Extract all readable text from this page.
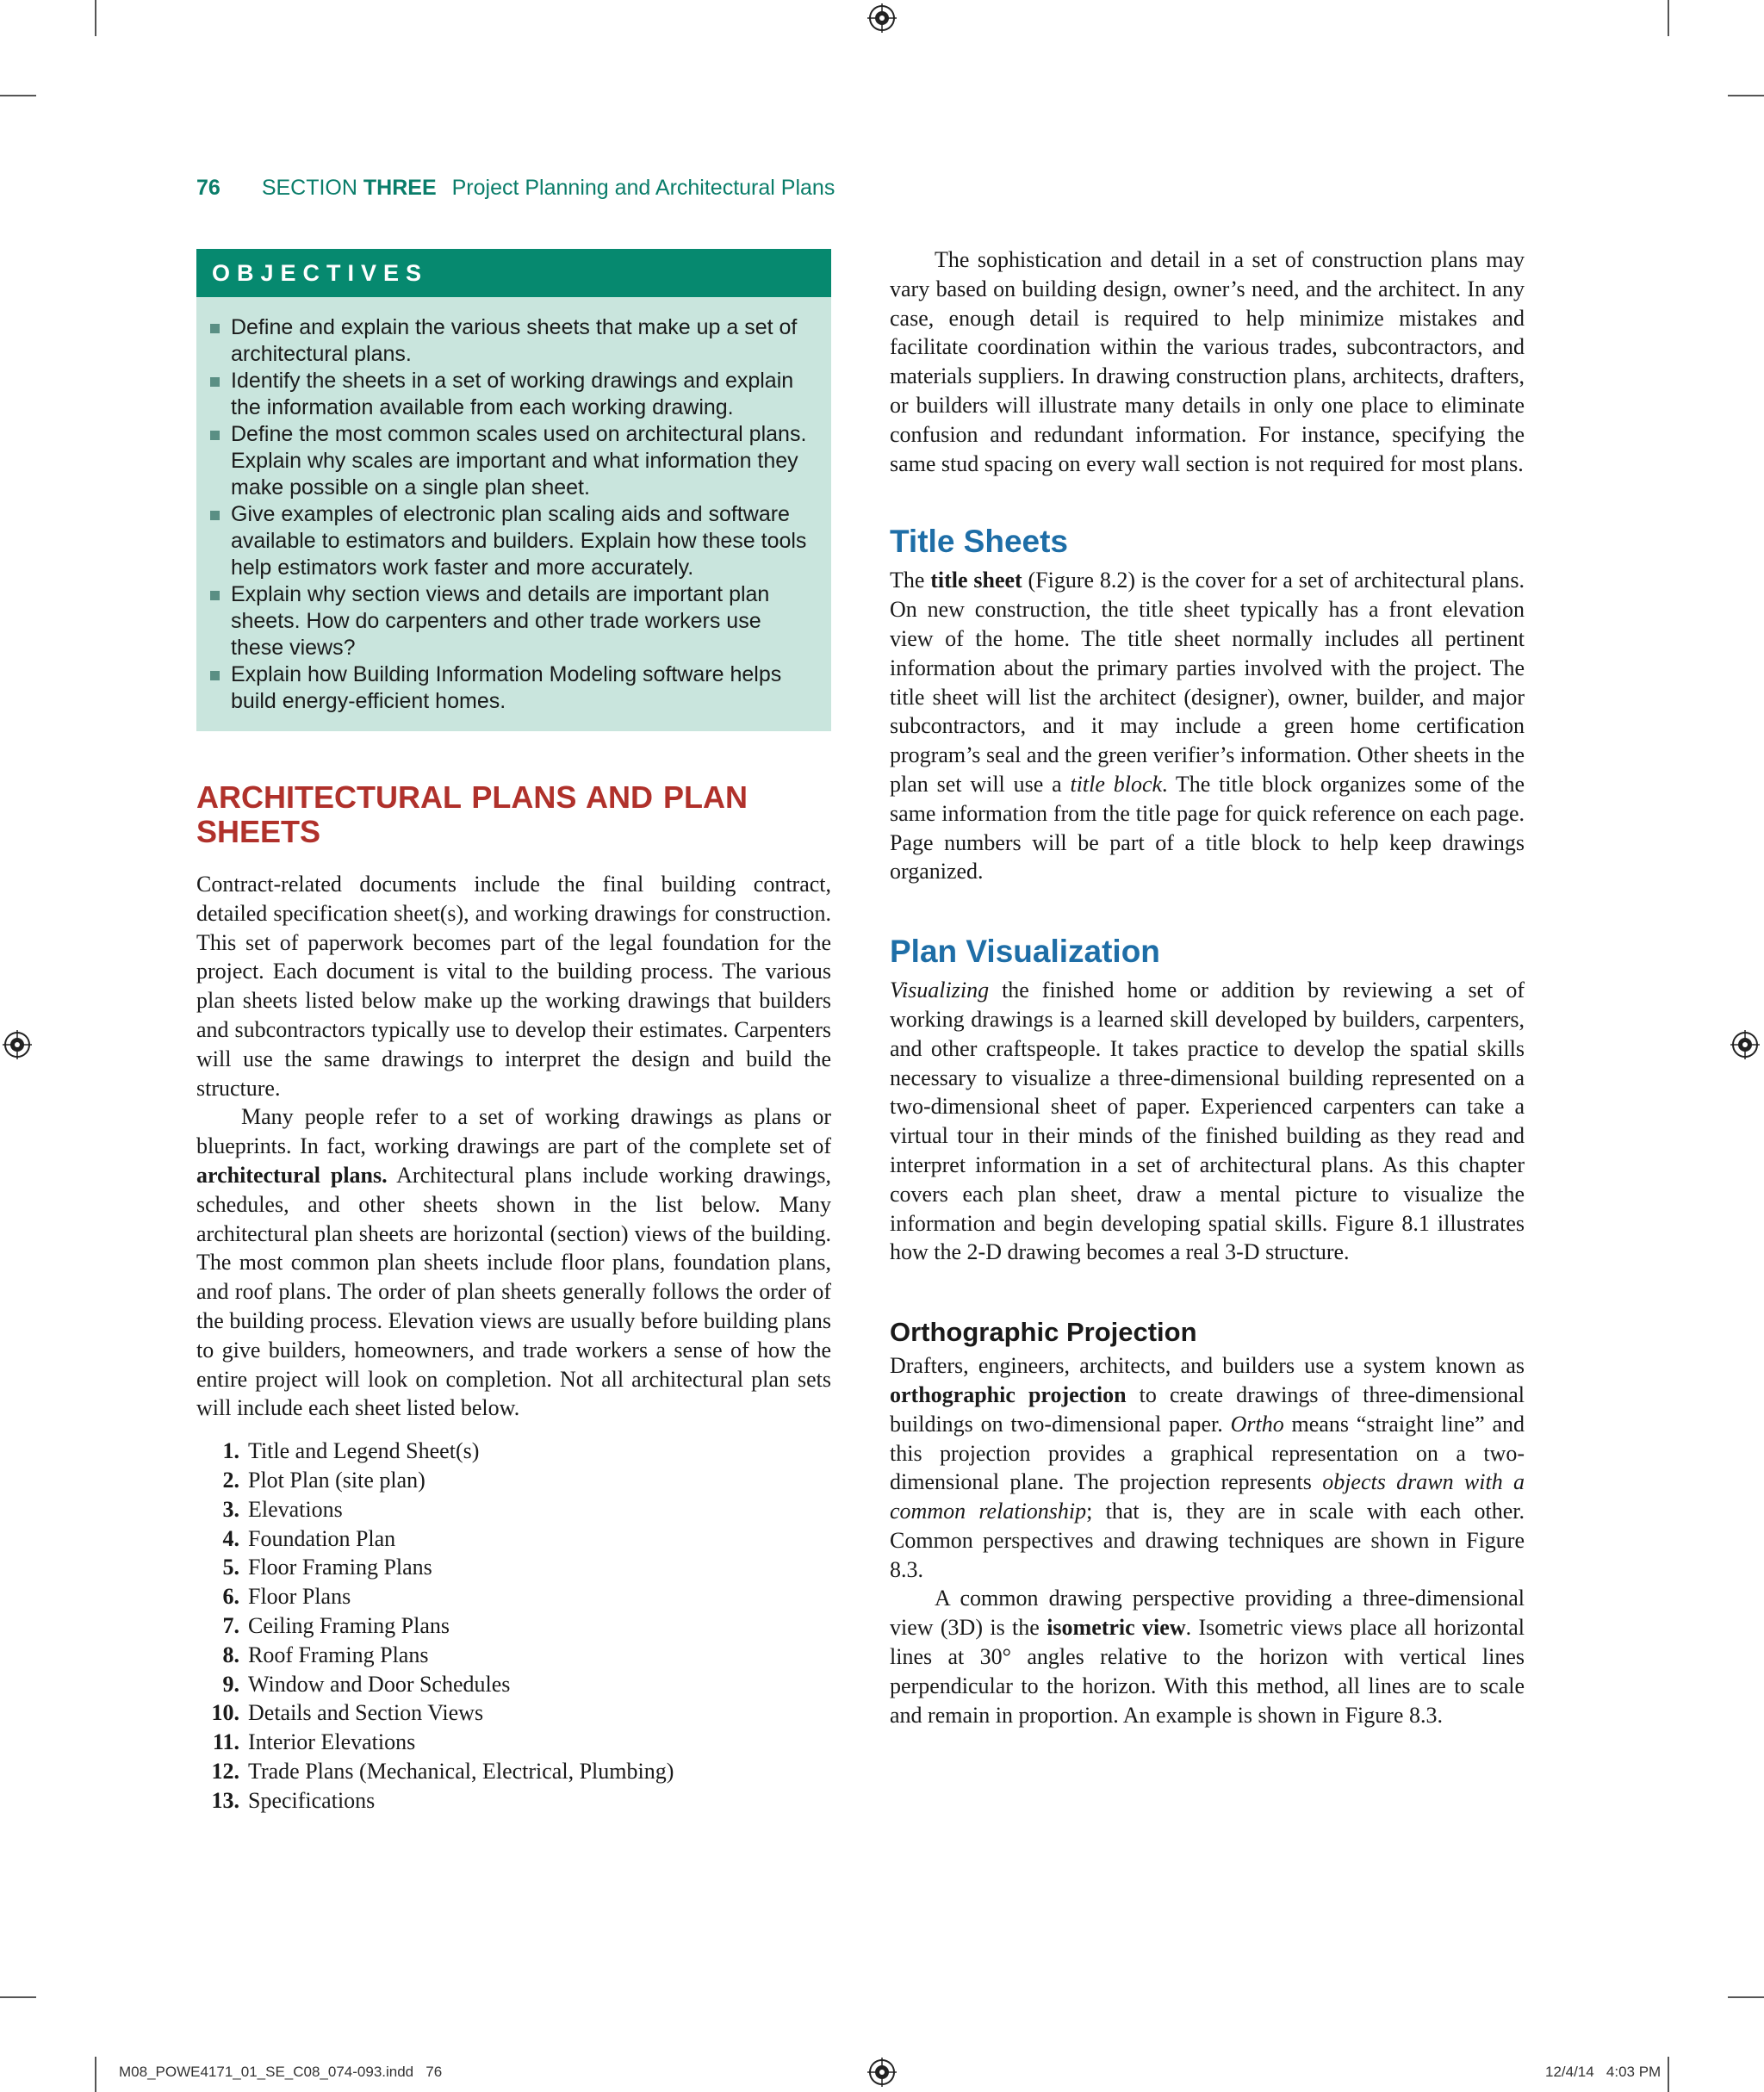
76 SECTION THREE Project Planning and Architectural Plans
OBJECTIVES
Define and explain the various sheets that make up a set of architectural plans.
Identify the sheets in a set of working drawings and explain the information available from each working drawing.
Define the most common scales used on architectural plans. Explain why scales are important and what information they make possible on a single plan sheet.
Give examples of electronic plan scaling aids and software available to estimators and builders. Explain how these tools help estimators work faster and more accurately.
Explain why section views and details are important plan sheets. How do carpenters and other trade workers use these views?
Explain how Building Information Modeling software helps build energy-efficient homes.
ARCHITECTURAL PLANS AND PLAN SHEETS

Contract-related documents include the final building contract, detailed specification sheet(s), and working drawings for construction. This set of paperwork becomes part of the legal foundation for the project. Each document is vital to the building process. The various plan sheets listed below make up the working drawings that builders and subcontractors typically use to develop their estimates. Carpenters will use the same drawings to interpret the design and build the structure.

Many people refer to a set of working drawings as plans or blueprints. In fact, working drawings are part of the complete set of architectural plans. Architectural plans include working drawings, schedules, and other sheets shown in the list below. Many architectural plan sheets are horizontal (section) views of the building. The most common plan sheets include floor plans, foundation plans, and roof plans. The order of plan sheets generally follows the order of the building process. Elevation views are usually before building plans to give builders, homeowners, and trade workers a sense of how the entire project will look on completion. Not all architectural plan sets will include each sheet listed below.

1. Title and Legend Sheet(s)
2. Plot Plan (site plan)
3. Elevations
4. Foundation Plan
5. Floor Framing Plans
6. Floor Plans
7. Ceiling Framing Plans
8. Roof Framing Plans
9. Window and Door Schedules
10. Details and Section Views
11. Interior Elevations
12. Trade Plans (Mechanical, Electrical, Plumbing)
13. Specifications

The sophistication and detail in a set of construction plans may vary based on building design, owner’s need, and the architect. In any case, enough detail is required to help minimize mistakes and facilitate coordination within the various trades, subcontractors, and materials suppliers. In drawing construction plans, architects, drafters, or builders will illustrate many details in only one place to eliminate confusion and redundant information. For instance, specifying the same stud spacing on every wall section is not required for most plans.

Title Sheets

The title sheet (Figure 8.2) is the cover for a set of architectural plans. On new construction, the title sheet typically has a front elevation view of the home. The title sheet normally includes all pertinent information about the primary parties involved with the project. The title sheet will list the architect (designer), owner, builder, and major subcontractors, and it may include a green home certification program’s seal and the green verifier’s information. Other sheets in the plan set will use a title block. The title block organizes some of the same information from the title page for quick reference on each page. Page numbers will be part of a title block to help keep drawings organized.

Plan Visualization

Visualizing the finished home or addition by reviewing a set of working drawings is a learned skill developed by builders, carpenters, and other craftspeople. It takes practice to develop the spatial skills necessary to visualize a three-dimensional building represented on a two-dimensional sheet of paper. Experienced carpenters can take a virtual tour in their minds of the finished building as they read and interpret information in a set of architectural plans. As this chapter covers each plan sheet, draw a mental picture to visualize the information and begin developing spatial skills. Figure 8.1 illustrates how the 2-D drawing becomes a real 3-D structure.

Orthographic Projection

Drafters, engineers, architects, and builders use a system known as orthographic projection to create drawings of three-dimensional buildings on two-dimensional paper. Ortho means “straight line” and this projection provides a graphical representation on a two-dimensional plane. The projection represents objects drawn with a common relationship; that is, they are in scale with each other. Common perspectives and drawing techniques are shown in Figure 8.3.

A common drawing perspective providing a three-dimensional view (3D) is the isometric view. Isometric views place all horizontal lines at 30° angles relative to the horizon with vertical lines perpendicular to the horizon. With this method, all lines are to scale and remain in proportion. An example is shown in Figure 8.3.

M08_POWE4171_01_SE_C08_074-093.indd   76	12/4/14   4:03 PM
